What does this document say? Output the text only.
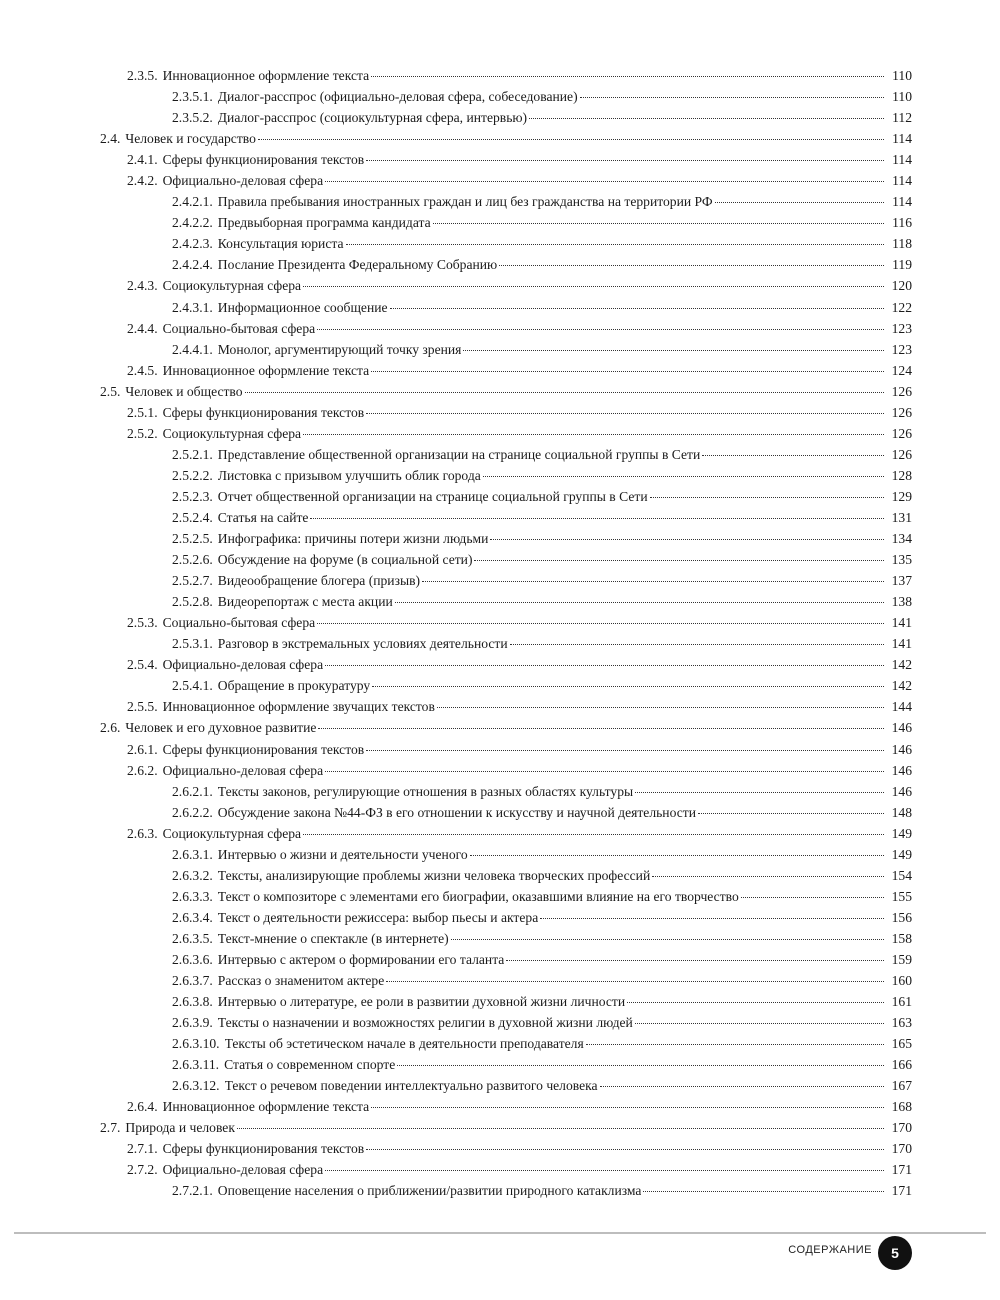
2.3.5. Инновационное оформление текста	110
2.3.5.1. Диалог-расспрос (официально-деловая сфера, собеседование)	110
2.3.5.2. Диалог-расспрос (социокультурная сфера, интервью)	112
2.4. Человек и государство	114
2.4.1. Сферы функционирования текстов	114
2.4.2. Официально-деловая сфера	114
2.4.2.1. Правила пребывания иностранных граждан и лиц без гражданства на территории РФ	114
2.4.2.2. Предвыборная программа кандидата	116
2.4.2.3. Консультация юриста	118
2.4.2.4. Послание Президента Федеральному Собранию	119
2.4.3. Социокультурная сфера	120
2.4.3.1. Информационное сообщение	122
2.4.4. Социально-бытовая сфера	123
2.4.4.1. Монолог, аргументирующий точку зрения	123
2.4.5. Инновационное оформление текста	124
2.5. Человек и общество	126
2.5.1. Сферы функционирования текстов	126
2.5.2. Социокультурная сфера	126
2.5.2.1. Представление общественной организации на странице социальной группы в Сети	126
2.5.2.2. Листовка с призывом улучшить облик города	128
2.5.2.3. Отчет общественной организации на странице социальной группы в Сети	129
2.5.2.4. Статья на сайте	131
2.5.2.5. Инфографика: причины потери жизни людьми	134
2.5.2.6. Обсуждение на форуме (в социальной сети)	135
2.5.2.7. Видеообращение блогера (призыв)	137
2.5.2.8. Видеорепортаж с места акции	138
2.5.3. Социально-бытовая сфера	141
2.5.3.1. Разговор в экстремальных условиях деятельности	141
2.5.4. Официально-деловая сфера	142
2.5.4.1. Обращение в прокуратуру	142
2.5.5. Инновационное оформление звучащих текстов	144
2.6. Человек и его духовное развитие	146
2.6.1. Сферы функционирования текстов	146
2.6.2. Официально-деловая сфера	146
2.6.2.1. Тексты законов, регулирующие отношения в разных областях культуры	146
2.6.2.2. Обсуждение закона №44-ФЗ в его отношении к искусству и научной деятельности	148
2.6.3. Социокультурная сфера	149
2.6.3.1. Интервью о жизни и деятельности ученого	149
2.6.3.2. Тексты, анализирующие проблемы жизни человека творческих профессий	154
2.6.3.3. Текст о композиторе с элементами его биографии, оказавшими влияние на его творчество	155
2.6.3.4. Текст о деятельности режиссера: выбор пьесы и актера	156
2.6.3.5. Текст-мнение о спектакле (в интернете)	158
2.6.3.6. Интервью с актером о формировании его таланта	159
2.6.3.7. Рассказ о знаменитом актере	160
2.6.3.8. Интервью о литературе, ее роли в развитии духовной жизни личности	161
2.6.3.9. Тексты о назначении и возможностях религии в духовной жизни людей	163
2.6.3.10. Тексты об эстетическом начале в деятельности преподавателя	165
2.6.3.11. Статья о современном спорте	166
2.6.3.12. Текст о речевом поведении интеллектуально развитого человека	167
2.6.4. Инновационное оформление текста	168
2.7. Природа и человек	170
2.7.1. Сферы функционирования текстов	170
2.7.2. Официально-деловая сфера	171
2.7.2.1. Оповещение населения о приближении/развитии природного катаклизма	171
СОДЕРЖАНИЕ	5
